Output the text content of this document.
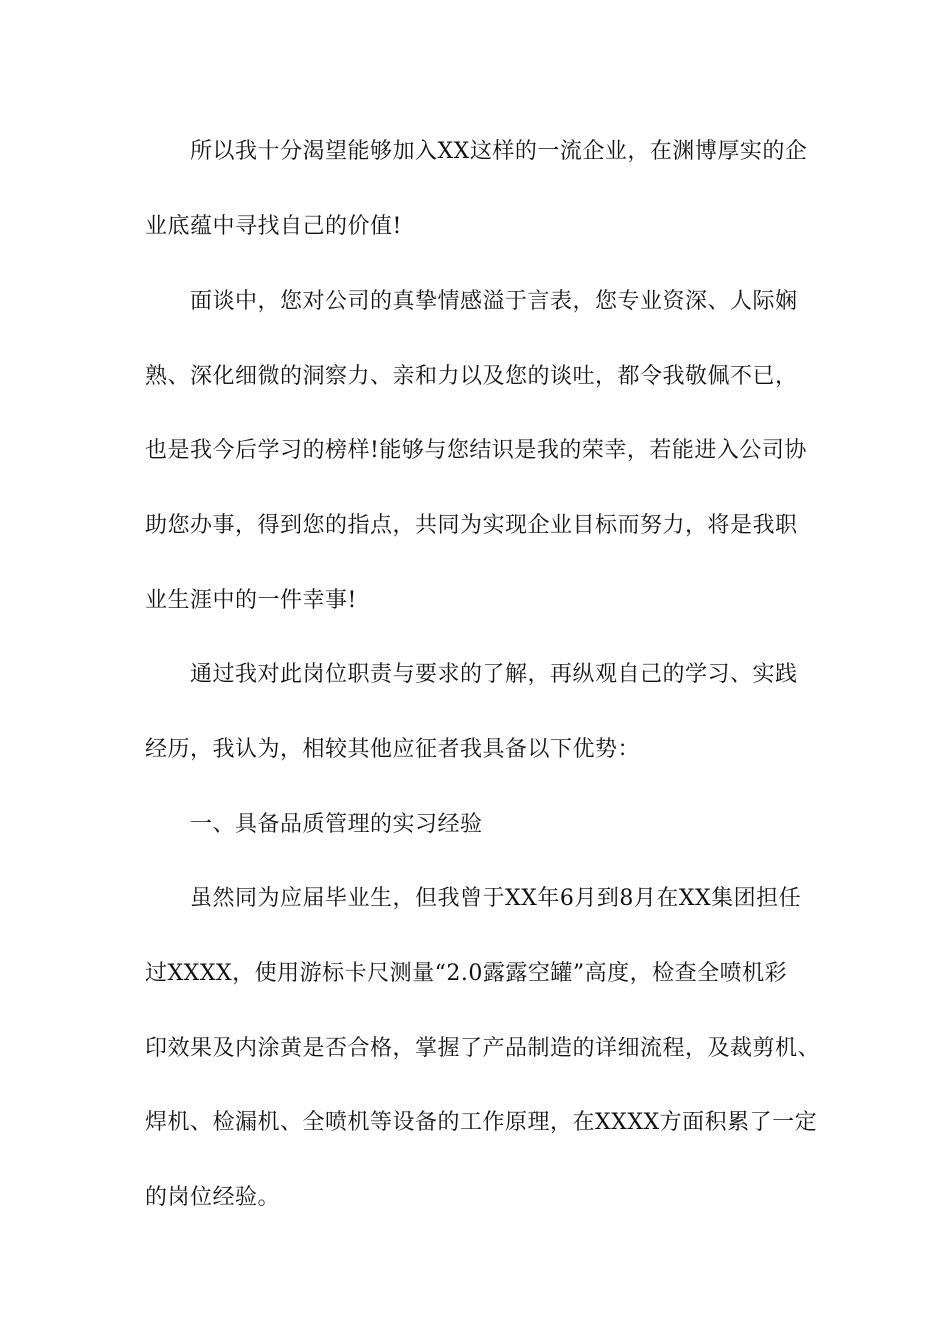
所以我十分渴望能够加入XX这样的一流企业，在渊博厚实的企
业底蕴中寻找自己的价值!
面谈中，您对公司的真挚情感溢于言表，您专业资深、人际娴
熟、深化细微的洞察力、亲和力以及您的谈吐，都令我敬佩不已，
也是我今后学习的榜样!能够与您结识是我的荣幸，若能进入公司协
助您办事，得到您的指点，共同为实现企业目标而努力，将是我职
业生涯中的一件幸事!
通过我对此岗位职责与要求的了解，再纵观自己的学习、实践
经历，我认为，相较其他应征者我具备以下优势：
一、具备品质管理的实习经验
虽然同为应届毕业生，但我曾于XX年6月到8月在XX集团担任
过XXXX，使用游标卡尺测量“2.0露露空罐”高度，检查全喷机彩
印效果及内涂黄是否合格，掌握了产品制造的详细流程，及裁剪机、
焊机、检漏机、全喷机等设备的工作原理，在XXXX方面积累了一定
的岗位经验。
